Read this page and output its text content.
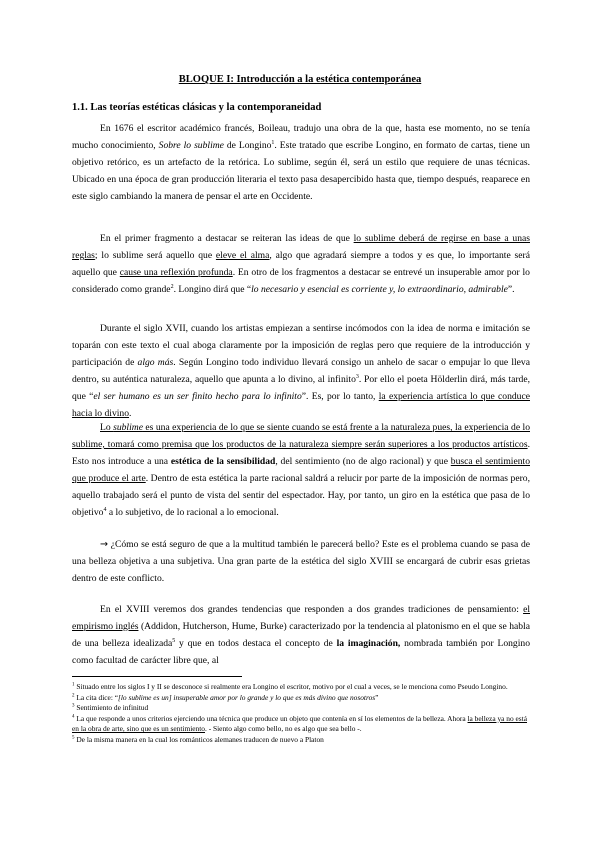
BLOQUE I: Introducción a la estética contemporánea
1.1. Las teorías estéticas clásicas y la contemporaneidad

En 1676 el escritor académico francés, Boileau, tradujo una obra de la que, hasta ese momento, no se tenía mucho conocimiento, Sobre lo sublime de Longino$^1$. Este tratado que escribe Longino, en formato de cartas, tiene un objetivo retórico, es un artefacto de la retórica. Lo sublime, según él, será un estilo que requiere de unas técnicas. Ubicado en una época de gran producción literaria el texto pasa desapercibido hasta que, tiempo después, reaparece en este siglo cambiando la manera de pensar el arte en Occidente.

En el primer fragmento a destacar se reiteran las ideas de que lo sublime deberá de regirse en base a unas reglas; lo sublime será aquello que eleve el alma, algo que agradará siempre a todos y es que, lo importante será aquello que cause una reflexión profunda. En otro de los fragmentos a destacar se entrevé un insuperable amor por lo considerado como grande$^2$. Longino dirá que “lo necesario y esencial es corriente y, lo extraordinario, admirable”.

Durante el siglo XVII, cuando los artistas empiezan a sentirse incómodos con la idea de norma e imitación se toparán con este texto el cual aboga claramente por la imposición de reglas pero que requiere de la introducción y participación de algo más. Según Longino todo individuo llevará consigo un anhelo de sacar o empujar lo que lleva dentro, su auténtica naturaleza, aquello que apunta a lo divino, al infinito$^3$. Por ello el poeta Hölderlin dirá, más tarde, que “el ser humano es un ser finito hecho para lo infinito”. Es, por lo tanto, la experiencia artística lo que conduce hacia lo divino.

Lo sublime es una experiencia de lo que se siente cuando se está frente a la naturaleza pues, la experiencia de lo sublime, tomará como premisa que los productos de la naturaleza siempre serán superiores a los productos artísticos. Esto nos introduce a una estética de la sensibilidad, del sentimiento (no de algo racional) y que busca el sentimiento que produce el arte. Dentro de esta estética la parte racional saldrá a relucir por parte de la imposición de normas pero, aquello trabajado será el punto de vista del sentir del espectador. Hay, por tanto, un giro en la estética que pasa de lo objetivo$^4$ a lo subjetivo, de lo racional a lo emocional.

→ ¿Cómo se está seguro de que a la multitud también le parecerá bello? Este es el problema cuando se pasa de una belleza objetiva a una subjetiva. Una gran parte de la estética del siglo XVIII se encargará de cubrir esas grietas dentro de este conflicto.

En el XVIII veremos dos grandes tendencias que responden a dos grandes tradiciones de pensamiento: el empirismo inglés (Addidon, Hutcherson, Hume, Burke) caracterizado por la tendencia al platonismo en el que se habla de una belleza idealizada$^5$ y que en todos destaca el concepto de la imaginación, nombrada también por Longino como facultad de carácter libre que, al

$^1$ Situado entre los siglos I y II se desconoce si realmente era Longino el escritor, motivo por el cual a veces, se le menciona como Pseudo Longino.

$^2$ La cita dice: “[lo sublime es un] insuperable amor por lo grande y lo que es más divino que nosotros”

$^3$ Sentimiento de infinitud

$^4$ La que responde a unos criterios ejerciendo una técnica que produce un objeto que contenía en sí los elementos de la belleza. Ahora la belleza ya no está en la obra de arte, sino que es un sentimiento. - Siento algo como bello, no es algo que sea bello -.

$^5$ De la misma manera en la cual los románticos alemanes traducen de nuevo a Platon
